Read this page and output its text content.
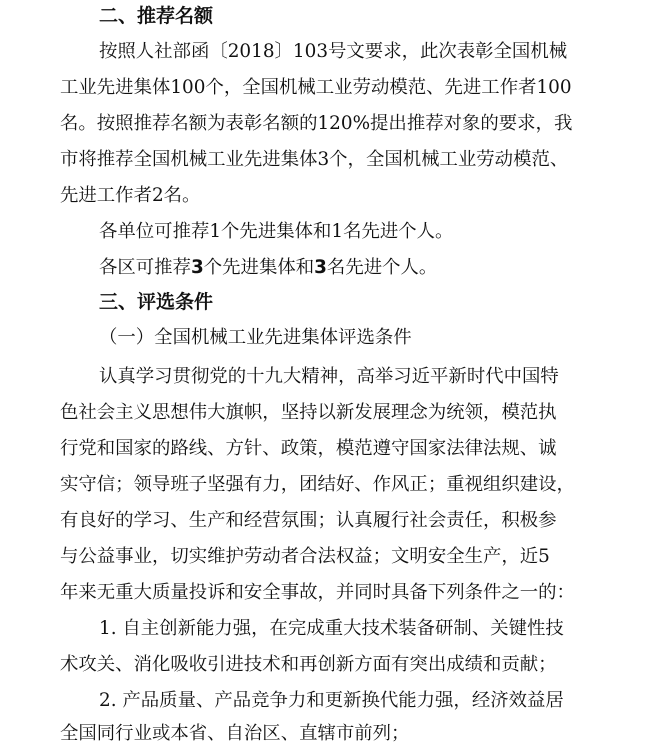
二、推荐名额
按照人社部函〔2018〕103号文要求，此次表彰全国机械
工业先进集体100个，全国机械工业劳动模范、先进工作者100
名。按照推荐名额为表彰名额的120%提出推荐对象的要求，我
市将推荐全国机械工业先进集体3个，全国机械工业劳动模范、
先进工作者2名。
各单位可推荐1个先进集体和1名先进个人。
各区可推荐3个先进集体和3名先进个人。
三、评选条件
（一）全国机械工业先进集体评选条件
认真学习贯彻党的十九大精神，高举习近平新时代中国特
色社会主义思想伟大旗帜，坚持以新发展理念为统领，模范执
行党和国家的路线、方针、政策，模范遵守国家法律法规、诚
实守信；领导班子坚强有力，团结好、作风正；重视组织建设，
有良好的学习、生产和经营氛围；认真履行社会责任，积极参
与公益事业，切实维护劳动者合法权益；文明安全生产，近5
年来无重大质量投诉和安全事故，并同时具备下列条件之一的：
1. 自主创新能力强，在完成重大技术装备研制、关键性技
术攻关、消化吸收引进技术和再创新方面有突出成绩和贡献；
2. 产品质量、产品竞争力和更新换代能力强，经济效益居
全国同行业或本省、自治区、直辖市前列；
